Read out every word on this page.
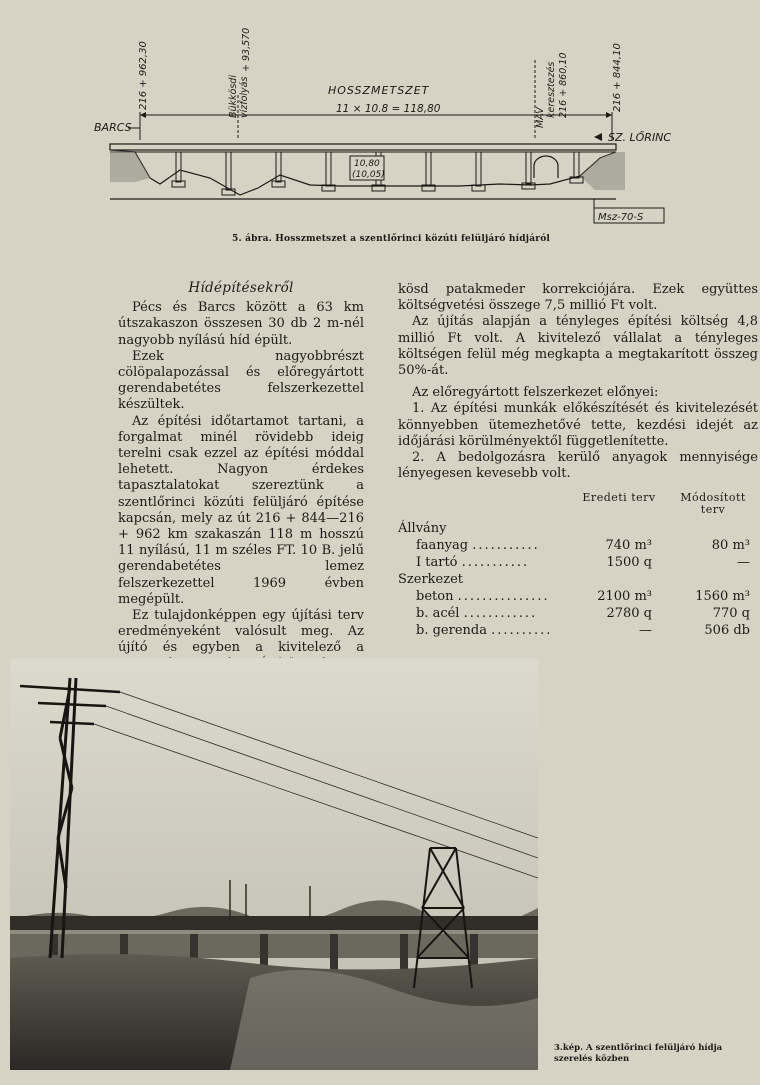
216 + 962,30	Bükkösdi vízfolyás
+ 93,570
MÁV keresztezés 216 + 860,10	216 + 844,10
HOSSZMETSZET
11 × 10.8 = 118,80
BARCS
SZ. LŐRINC
10,80
(10,05)
Msz-70-S
5. ábra. Hosszmetszet a szentlőrinci közúti felüljáró hídjáról

Hídépítésekről

Pécs és Barcs között a 63 km útszakaszon összesen 30 db 2 m-nél nagyobb nyílású híd épült.

Ezek nagyobbrészt cölöpalapozással és előregyártott gerendabetétes felszerkezettel készültek.

Az építési időtartamot tartani, a forgalmat minél rövidebb ideig terelni csak ezzel az építési móddal lehetett. Nagyon érdekes tapasztalatokat szereztünk a szentlőrinci közúti felüljáró építése kapcsán, mely az út 216 + 844—216 + 962 km szakaszán 118 m hosszú 11 nyílású, 11 m széles FT. 10 B. jelű gerendabetétes lemez felszerkezettel 1969 évben megépült.

Ez tulajdonképpen egy újítási terv eredményeként valósult meg. Az újító és egyben a kivitelező a

kösd patakmeder korrekciójára. Ezek együttes költségvetési összege 7,5 millió Ft volt.

Az újítás alapján a tényleges építési költség 4,8 millió Ft volt. A kivitelező vállalat a tényleges költségen felül még megkapta a megtakarított összeg 50%-át.

Az előregyártott felszerkezet előnyei:

1. Az építési munkák előkészítését és kivitelezését könnyebben ütemezhetővé tette, kezdési idejét az időjárási körülményektől függetlenítette.

2. A bedolgozásra kerülő anyagok mennyisége lényegesen kevesebb volt.

Eredeti terv	Módosított terv
Állvány
faanyag ...........	740 m³	80 m³
I tartó ...........	1500 q	—
Szerkezet
beton ...............	2100 m³	1560 m³
b. acél ............	2780 q	770 q
b. gerenda ..........	—	506 db
3.kép. A szentlőrinci felüljáró hídja
szerelés közben
